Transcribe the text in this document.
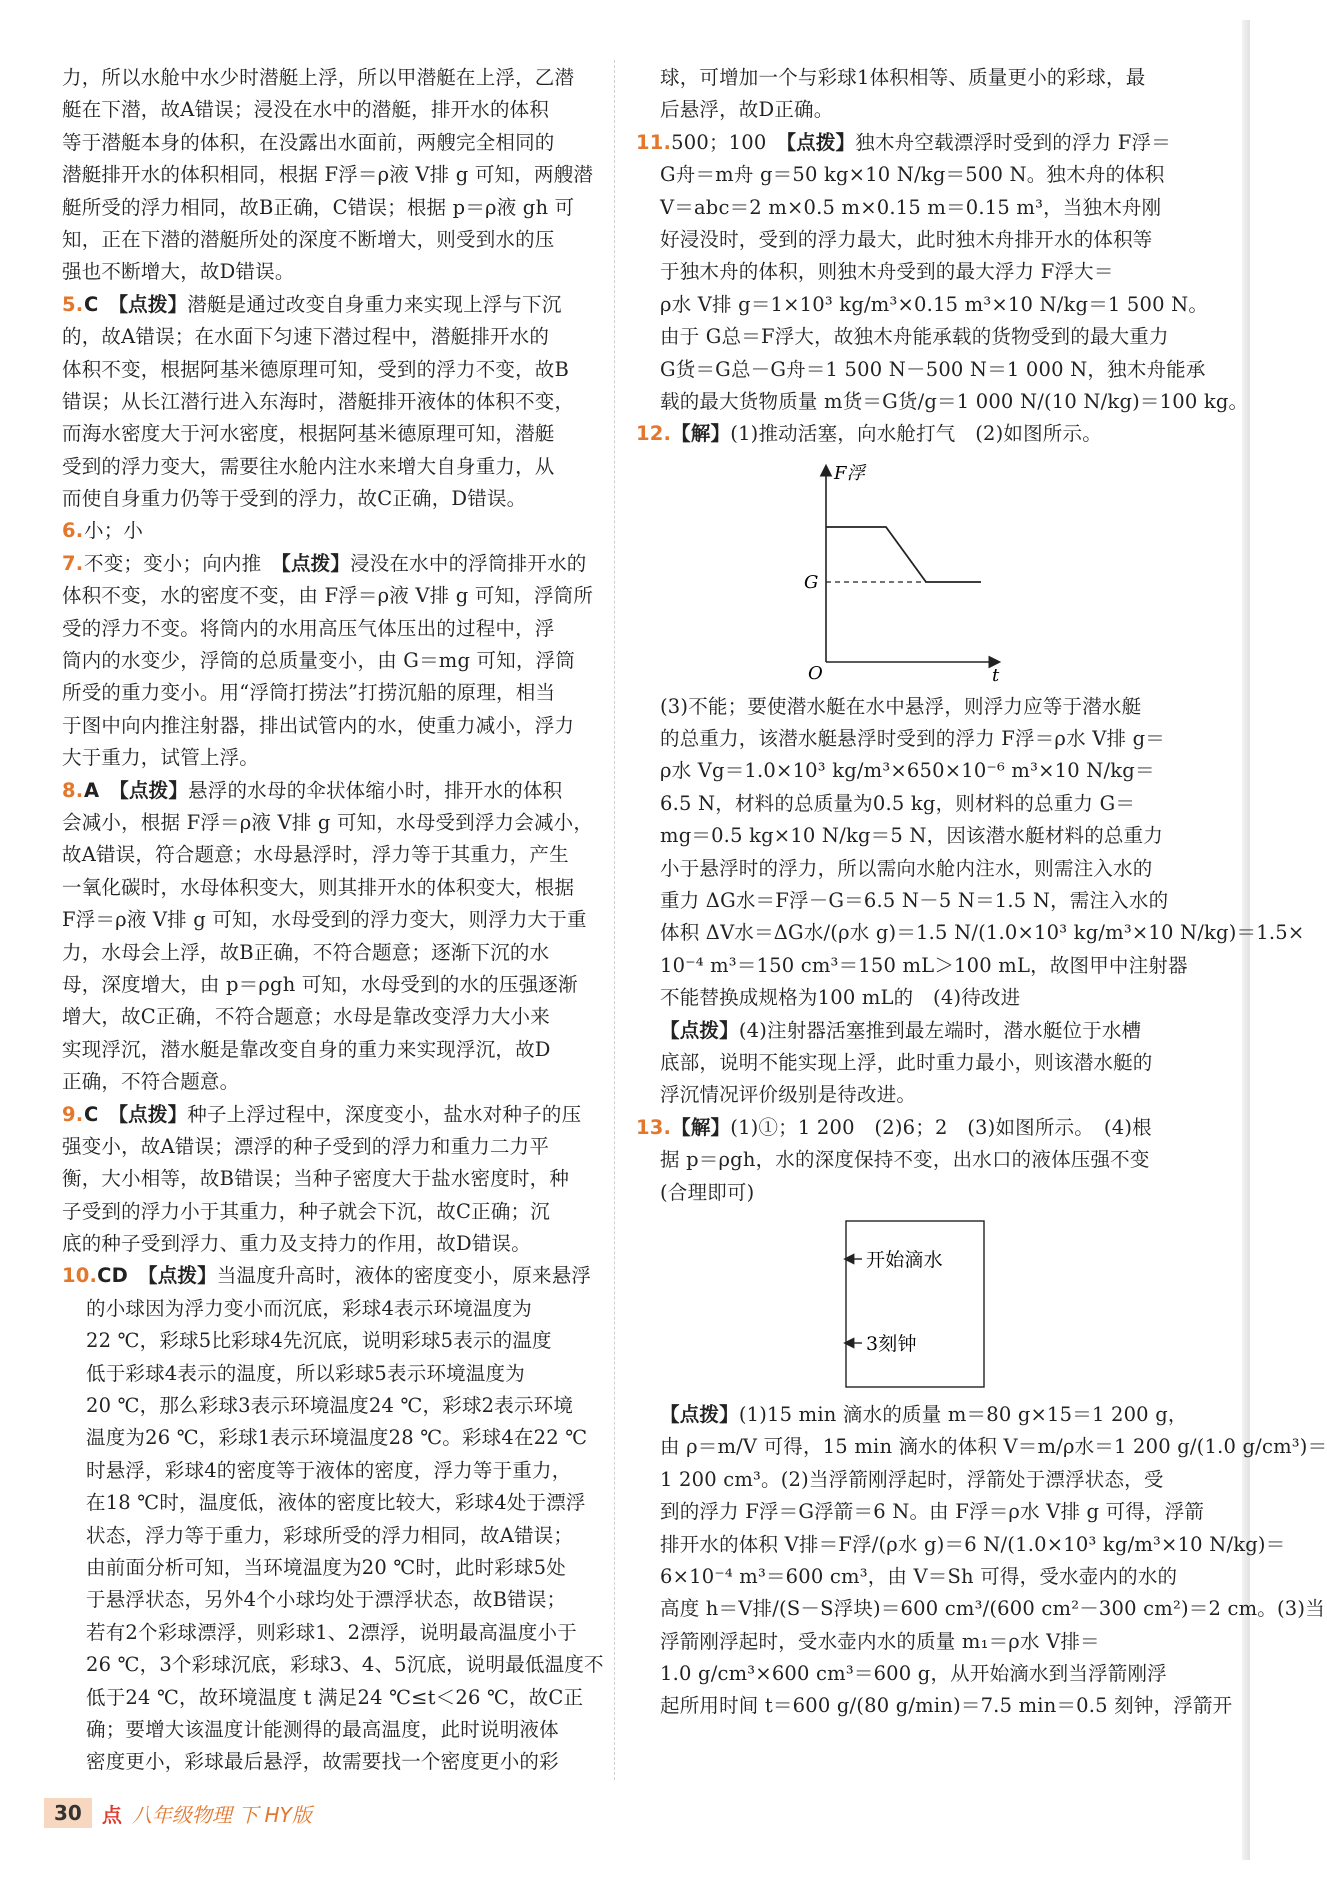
力，所以水舱中水少时潜艇上浮，所以甲潜艇在上浮，乙潜
艇在下潜，故A错误；浸没在水中的潜艇，排开水的体积
等于潜艇本身的体积，在没露出水面前，两艘完全相同的
潜艇排开水的体积相同，根据 F浮＝ρ液 V排 g 可知，两艘潜
艇所受的浮力相同，故B正确，C错误；根据 p＝ρ液 gh 可
知，正在下潜的潜艇所处的深度不断增大，则受到水的压
强也不断增大，故D错误。
5.C　 【点拨】潜艇是通过改变自身重力来实现上浮与下沉
的，故A错误；在水面下匀速下潜过程中，潜艇排开水的
体积不变，根据阿基米德原理可知，受到的浮力不变，故B
错误；从长江潜行进入东海时，潜艇排开液体的体积不变，
而海水密度大于河水密度，根据阿基米德原理可知，潜艇
受到的浮力变大，需要往水舱内注水来增大自身重力，从
而使自身重力仍等于受到的浮力，故C正确，D错误。
6.小；小
7.不变；变小；向内推　 【点拨】浸没在水中的浮筒排开水的
体积不变，水的密度不变，由 F浮＝ρ液 V排 g 可知，浮筒所
受的浮力不变。将筒内的水用高压气体压出的过程中，浮
筒内的水变少，浮筒的总质量变小，由 G＝mg 可知，浮筒
所受的重力变小。用“浮筒打捞法”打捞沉船的原理，相当
于图中向内推注射器，排出试管内的水，使重力减小，浮力
大于重力，试管上浮。
8.A　 【点拨】悬浮的水母的伞状体缩小时，排开水的体积
会减小，根据 F浮＝ρ液 V排 g 可知，水母受到浮力会减小，
故A错误，符合题意；水母悬浮时，浮力等于其重力，产生
一氧化碳时，水母体积变大，则其排开水的体积变大，根据
F浮＝ρ液 V排 g 可知，水母受到的浮力变大，则浮力大于重
力，水母会上浮，故B正确，不符合题意；逐渐下沉的水
母，深度增大，由 p＝ρgh 可知，水母受到的水的压强逐渐
增大，故C正确，不符合题意；水母是靠改变浮力大小来
实现浮沉，潜水艇是靠改变自身的重力来实现浮沉，故D
正确，不符合题意。
9.C　 【点拨】种子上浮过程中，深度变小，盐水对种子的压
强变小，故A错误；漂浮的种子受到的浮力和重力二力平
衡，大小相等，故B错误；当种子密度大于盐水密度时，种
子受到的浮力小于其重力，种子就会下沉，故C正确；沉
底的种子受到浮力、重力及支持力的作用，故D错误。
10.CD　 【点拨】当温度升高时，液体的密度变小，原来悬浮
的小球因为浮力变小而沉底，彩球4表示环境温度为
22 ℃，彩球5比彩球4先沉底，说明彩球5表示的温度
低于彩球4表示的温度，所以彩球5表示环境温度为
20 ℃，那么彩球3表示环境温度24 ℃，彩球2表示环境
温度为26 ℃，彩球1表示环境温度28 ℃。彩球4在22 ℃
时悬浮，彩球4的密度等于液体的密度，浮力等于重力，
在18 ℃时，温度低，液体的密度比较大，彩球4处于漂浮
状态，浮力等于重力，彩球所受的浮力相同，故A错误；
由前面分析可知，当环境温度为20 ℃时，此时彩球5处
于悬浮状态，另外4个小球均处于漂浮状态，故B错误；
若有2个彩球漂浮，则彩球1、2漂浮，说明最高温度小于
26 ℃，3个彩球沉底，彩球3、4、5沉底，说明最低温度不
低于24 ℃，故环境温度 t 满足24 ℃≤t＜26 ℃，故C正
确；要增大该温度计能测得的最高温度，此时说明液体
密度更小，彩球最后悬浮，故需要找一个密度更小的彩
球，可增加一个与彩球1体积相等、质量更小的彩球，最
后悬浮，故D正确。
11.500；100　 【点拨】独木舟空载漂浮时受到的浮力 F浮＝
G舟＝m舟 g＝50 kg×10 N/kg＝500 N。独木舟的体积
V＝abc＝2 m×0.5 m×0.15 m＝0.15 m³，当独木舟刚
好浸没时，受到的浮力最大，此时独木舟排开水的体积等
于独木舟的体积，则独木舟受到的最大浮力 F浮大＝
ρ水 V排 g＝1×10³ kg/m³×0.15 m³×10 N/kg＝1 500 N。
由于 G总＝F浮大，故独木舟能承载的货物受到的最大重力
G货＝G总－G舟＝1 500 N－500 N＝1 000 N，独木舟能承
载的最大货物质量 m货＝G货/g＝1 000 N/(10 N/kg)＝100 kg。
12.【解】(1)推动活塞，向水舱打气　(2)如图所示。
F浮
G
O	t
(3)不能；要使潜水艇在水中悬浮，则浮力应等于潜水艇
的总重力，该潜水艇悬浮时受到的浮力 F浮＝ρ水 V排 g＝
ρ水 Vg＝1.0×10³ kg/m³×650×10⁻⁶ m³×10 N/kg＝
6.5 N，材料的总质量为0.5 kg，则材料的总重力 G＝
mg＝0.5 kg×10 N/kg＝5 N，因该潜水艇材料的总重力
小于悬浮时的浮力，所以需向水舱内注水，则需注入水的
重力 ΔG水＝F浮－G＝6.5 N－5 N＝1.5 N，需注入水的
体积 ΔV水＝ΔG水/(ρ水 g)＝1.5 N/(1.0×10³ kg/m³×10 N/kg)＝1.5×
10⁻⁴ m³＝150 cm³＝150 mL＞100 mL，故图甲中注射器
不能替换成规格为100 mL的　(4)待改进
【点拨】(4)注射器活塞推到最左端时，潜水艇位于水槽
底部，说明不能实现上浮，此时重力最小，则该潜水艇的
浮沉情况评价级别是待改进。
13.【解】(1)①；1 200　(2)6；2　(3)如图所示。　(4)根
据 p＝ρgh，水的深度保持不变，出水口的液体压强不变
(合理即可)
开始滴水
3刻钟
【点拨】(1)15 min 滴水的质量 m＝80 g×15＝1 200 g，
由 ρ＝m/V 可得，15 min 滴水的体积 V＝m/ρ水＝1 200 g/(1.0 g/cm³)＝
1 200 cm³。(2)当浮箭刚浮起时，浮箭处于漂浮状态，受
到的浮力 F浮＝G浮箭＝6 N。由 F浮＝ρ水 V排 g 可得，浮箭
排开水的体积 V排＝F浮/(ρ水 g)＝6 N/(1.0×10³ kg/m³×10 N/kg)＝
6×10⁻⁴ m³＝600 cm³，由 V＝Sh 可得，受水壶内的水的
高度 h＝V排/(S－S浮块)＝600 cm³/(600 cm²－300 cm²)＝2 cm。(3)当
浮箭刚浮起时，受水壶内水的质量 m₁＝ρ水 V排＝
1.0 g/cm³×600 cm³＝600 g，从开始滴水到当浮箭刚浮
起所用时间 t＝600 g/(80 g/min)＝7.5 min＝0.5 刻钟，浮箭开
30	点 八年级物理 下 HY版
